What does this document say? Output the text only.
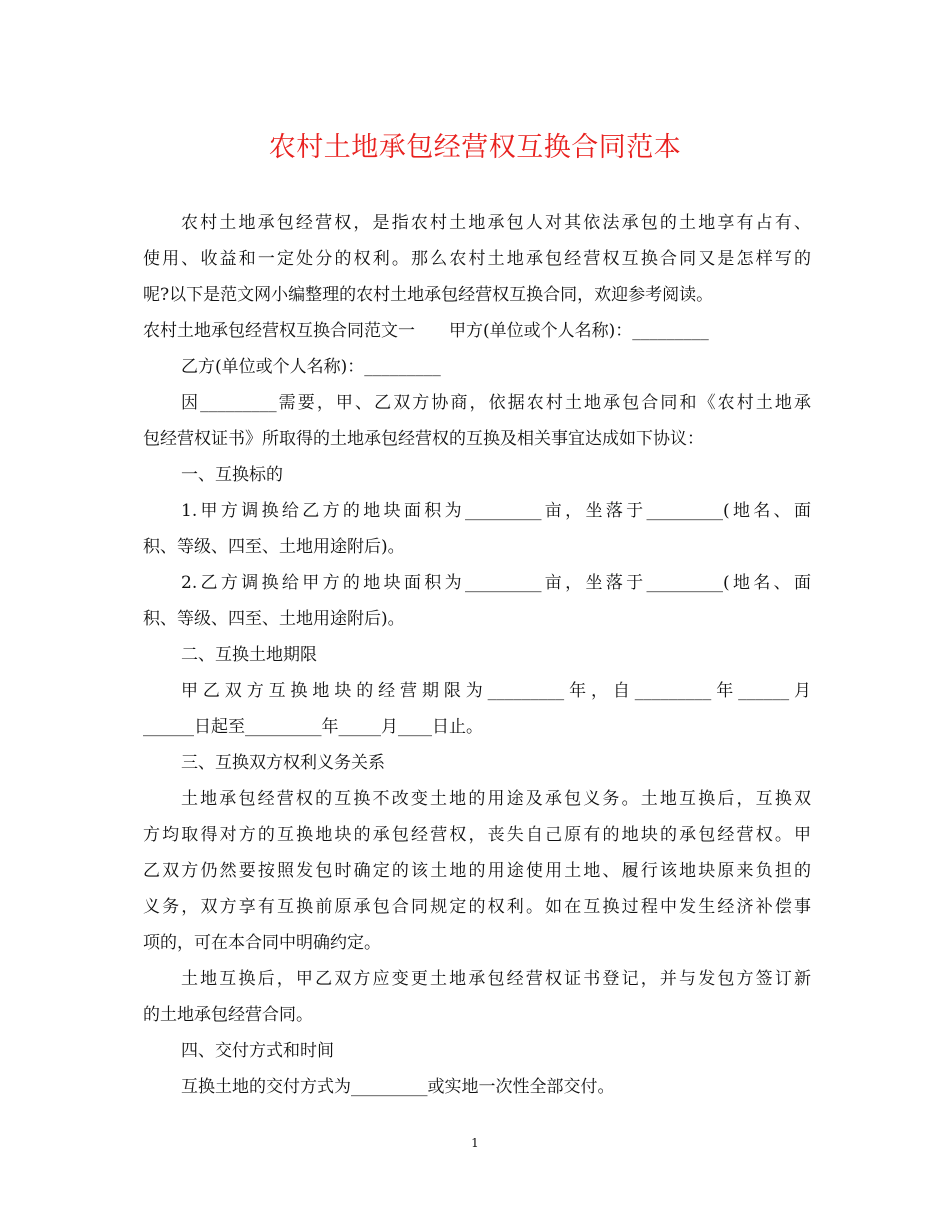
农村土地承包经营权互换合同范本

农村土地承包经营权，是指农村土地承包人对其依法承包的土地享有占有、

使用、收益和一定处分的权利。那么农村土地承包经营权互换合同又是怎样写的

呢?以下是范文网小编整理的农村土地承包经营权互换合同，欢迎参考阅读。

农村土地承包经营权互换合同范文一　　甲方(单位或个人名称)：_________

乙方(单位或个人名称)：_________

因_________需要，甲、乙双方协商，依据农村土地承包合同和《农村土地承

包经营权证书》所取得的土地承包经营权的互换及相关事宜达成如下协议：

一、互换标的

1.甲方调换给乙方的地块面积为_________亩，坐落于_________(地名、面

积、等级、四至、土地用途附后)。

2.乙方调换给甲方的地块面积为_________亩，坐落于_________(地名、面

积、等级、四至、土地用途附后)。

二、互换土地期限

甲乙双方互换地块的经营期限为_________年，自_________年______月

______日起至_________年_____月____日止。

三、互换双方权利义务关系

土地承包经营权的互换不改变土地的用途及承包义务。土地互换后，互换双

方均取得对方的互换地块的承包经营权，丧失自己原有的地块的承包经营权。甲

乙双方仍然要按照发包时确定的该土地的用途使用土地、履行该地块原来负担的

义务，双方享有互换前原承包合同规定的权利。如在互换过程中发生经济补偿事

项的，可在本合同中明确约定。

土地互换后，甲乙双方应变更土地承包经营权证书登记，并与发包方签订新

的土地承包经营合同。

四、交付方式和时间

互换土地的交付方式为_________或实地一次性全部交付。

1
